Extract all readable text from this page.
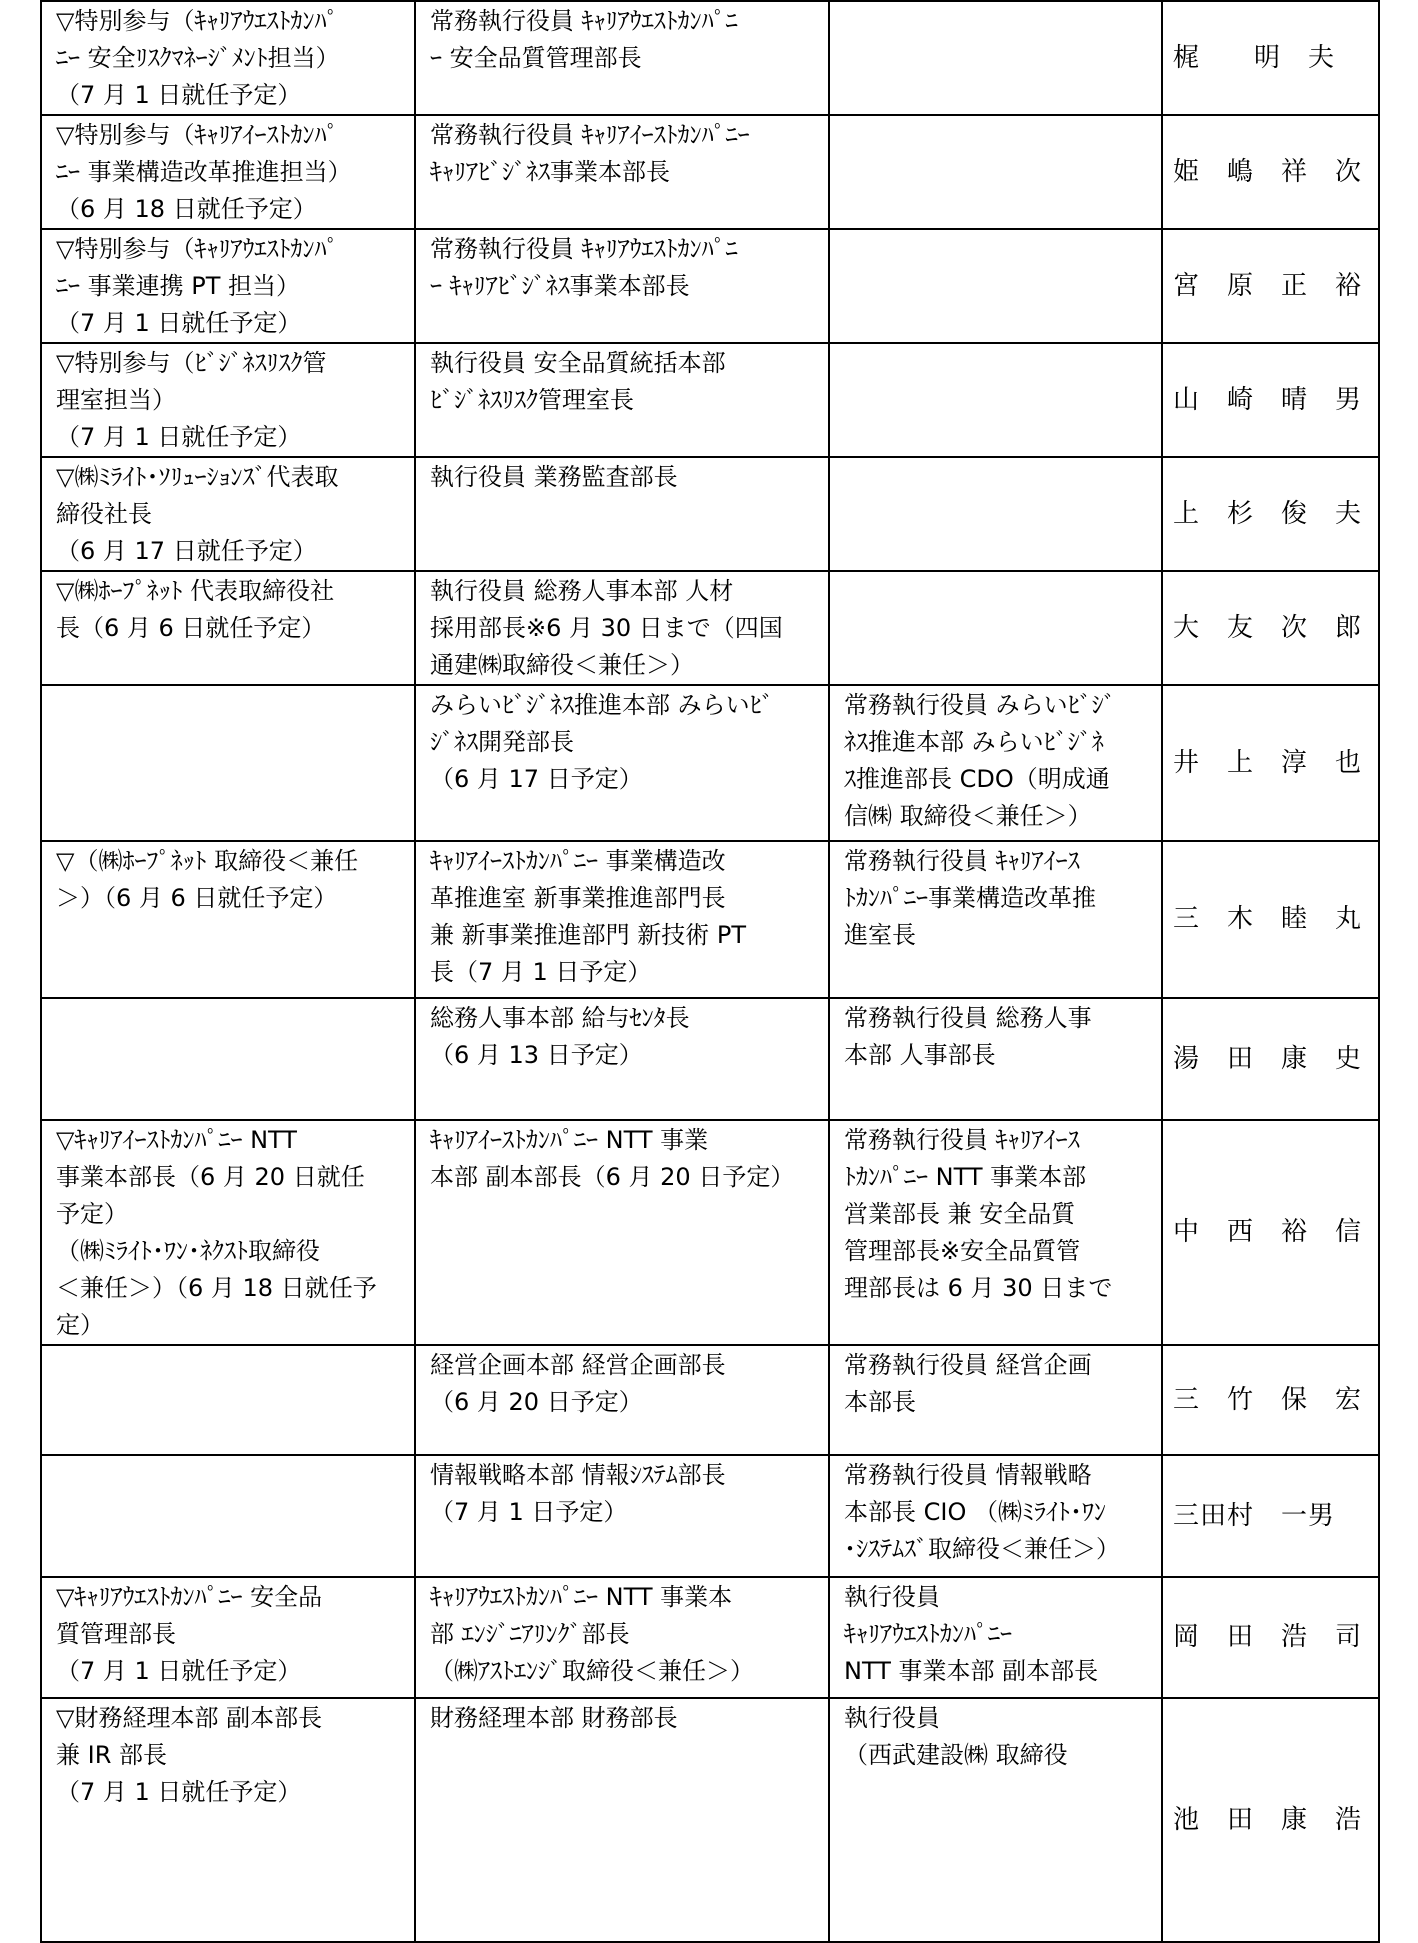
▽特別参与（ｷｬﾘｱｳｴｽﾄｶﾝﾊﾟ
ﾆｰ 安全ﾘｽｸﾏﾈｰｼﾞﾒﾝﾄ担当）
（7 月 1 日就任予定）	常務執行役員 ｷｬﾘｱｳｴｽﾄｶﾝﾊﾟﾆ
ｰ 安全品質管理部長		梶　　明　夫
▽特別参与（ｷｬﾘｱｲｰｽﾄｶﾝﾊﾟ
ﾆｰ 事業構造改革推進担当）
（6 月 18 日就任予定）	常務執行役員 ｷｬﾘｱｲｰｽﾄｶﾝﾊﾟﾆｰ
ｷｬﾘｱﾋﾞｼﾞﾈｽ事業本部長		姫　嶋　祥　次
▽特別参与（ｷｬﾘｱｳｴｽﾄｶﾝﾊﾟ
ﾆｰ 事業連携 PT 担当）
（7 月 1 日就任予定）	常務執行役員 ｷｬﾘｱｳｴｽﾄｶﾝﾊﾟﾆ
ｰ ｷｬﾘｱﾋﾞｼﾞﾈｽ事業本部長		宮　原　正　裕
▽特別参与（ﾋﾞｼﾞﾈｽﾘｽｸ管
理室担当）
（7 月 1 日就任予定）	執行役員 安全品質統括本部
ﾋﾞｼﾞﾈｽﾘｽｸ管理室長		山　崎　晴　男
▽㈱ﾐﾗｲﾄ･ｿﾘｭｰｼｮﾝｽﾞ代表取
締役社長
（6 月 17 日就任予定）	執行役員 業務監査部長		上　杉　俊　夫
▽㈱ﾎｰﾌﾟﾈｯﾄ 代表取締役社
長（6 月 6 日就任予定）	執行役員 総務人事本部 人材
採用部長※6 月 30 日まで（四国
通建㈱取締役＜兼任＞）		大　友　次　郎
	みらいﾋﾞｼﾞﾈｽ推進本部 みらいﾋﾞ
ｼﾞﾈｽ開発部長
（6 月 17 日予定）	常務執行役員 みらいﾋﾞｼﾞ
ﾈｽ推進本部 みらいﾋﾞｼﾞﾈ
ｽ推進部長 CDO（明成通
信㈱ 取締役＜兼任＞）	井　上　淳　也
▽（㈱ﾎｰﾌﾟﾈｯﾄ 取締役＜兼任
＞）（6 月 6 日就任予定）	ｷｬﾘｱｲｰｽﾄｶﾝﾊﾟﾆｰ 事業構造改
革推進室 新事業推進部門長
兼 新事業推進部門 新技術 PT
長（7 月 1 日予定）	常務執行役員 ｷｬﾘｱｲｰｽ
ﾄｶﾝﾊﾟﾆｰ事業構造改革推
進室長	三　木　睦　丸
	総務人事本部 給与ｾﾝﾀ長
（6 月 13 日予定）	常務執行役員 総務人事
本部 人事部長	湯　田　康　史
▽ｷｬﾘｱｲｰｽﾄｶﾝﾊﾟﾆｰ NTT
事業本部長（6 月 20 日就任
予定）
（㈱ﾐﾗｲﾄ･ﾜﾝ･ﾈｸｽﾄ取締役
＜兼任＞）（6 月 18 日就任予定）	ｷｬﾘｱｲｰｽﾄｶﾝﾊﾟﾆｰ NTT 事業
本部 副本部長（6 月 20 日予定）	常務執行役員 ｷｬﾘｱｲｰｽ
ﾄｶﾝﾊﾟﾆｰ NTT 事業本部
営業部長 兼 安全品質
管理部長※安全品質管
理部長は 6 月 30 日まで	中　西　裕　信
	経営企画本部 経営企画部長
（6 月 20 日予定）	常務執行役員 経営企画
本部長	三　竹　保　宏
	情報戦略本部 情報ｼｽﾃﾑ部長
（7 月 1 日予定）	常務執行役員 情報戦略
本部長 CIO （㈱ﾐﾗｲﾄ･ﾜﾝ
･ｼｽﾃﾑｽﾞ取締役＜兼任＞）	三田村　一男
▽ｷｬﾘｱｳｴｽﾄｶﾝﾊﾟﾆｰ 安全品
質管理部長
（7 月 1 日就任予定）	ｷｬﾘｱｳｴｽﾄｶﾝﾊﾟﾆｰ NTT 事業本
部 ｴﾝｼﾞﾆｱﾘﾝｸﾞ部長
（㈱ｱｽﾄｴﾝｼﾞ取締役＜兼任＞）	執行役員
ｷｬﾘｱｳｴｽﾄｶﾝﾊﾟﾆｰ
NTT 事業本部 副本部長	岡　田　浩　司
▽財務経理本部 副本部長
兼 IR 部長
（7 月 1 日就任予定）	財務経理本部 財務部長	執行役員
（西武建設㈱ 取締役	池　田　康　浩
